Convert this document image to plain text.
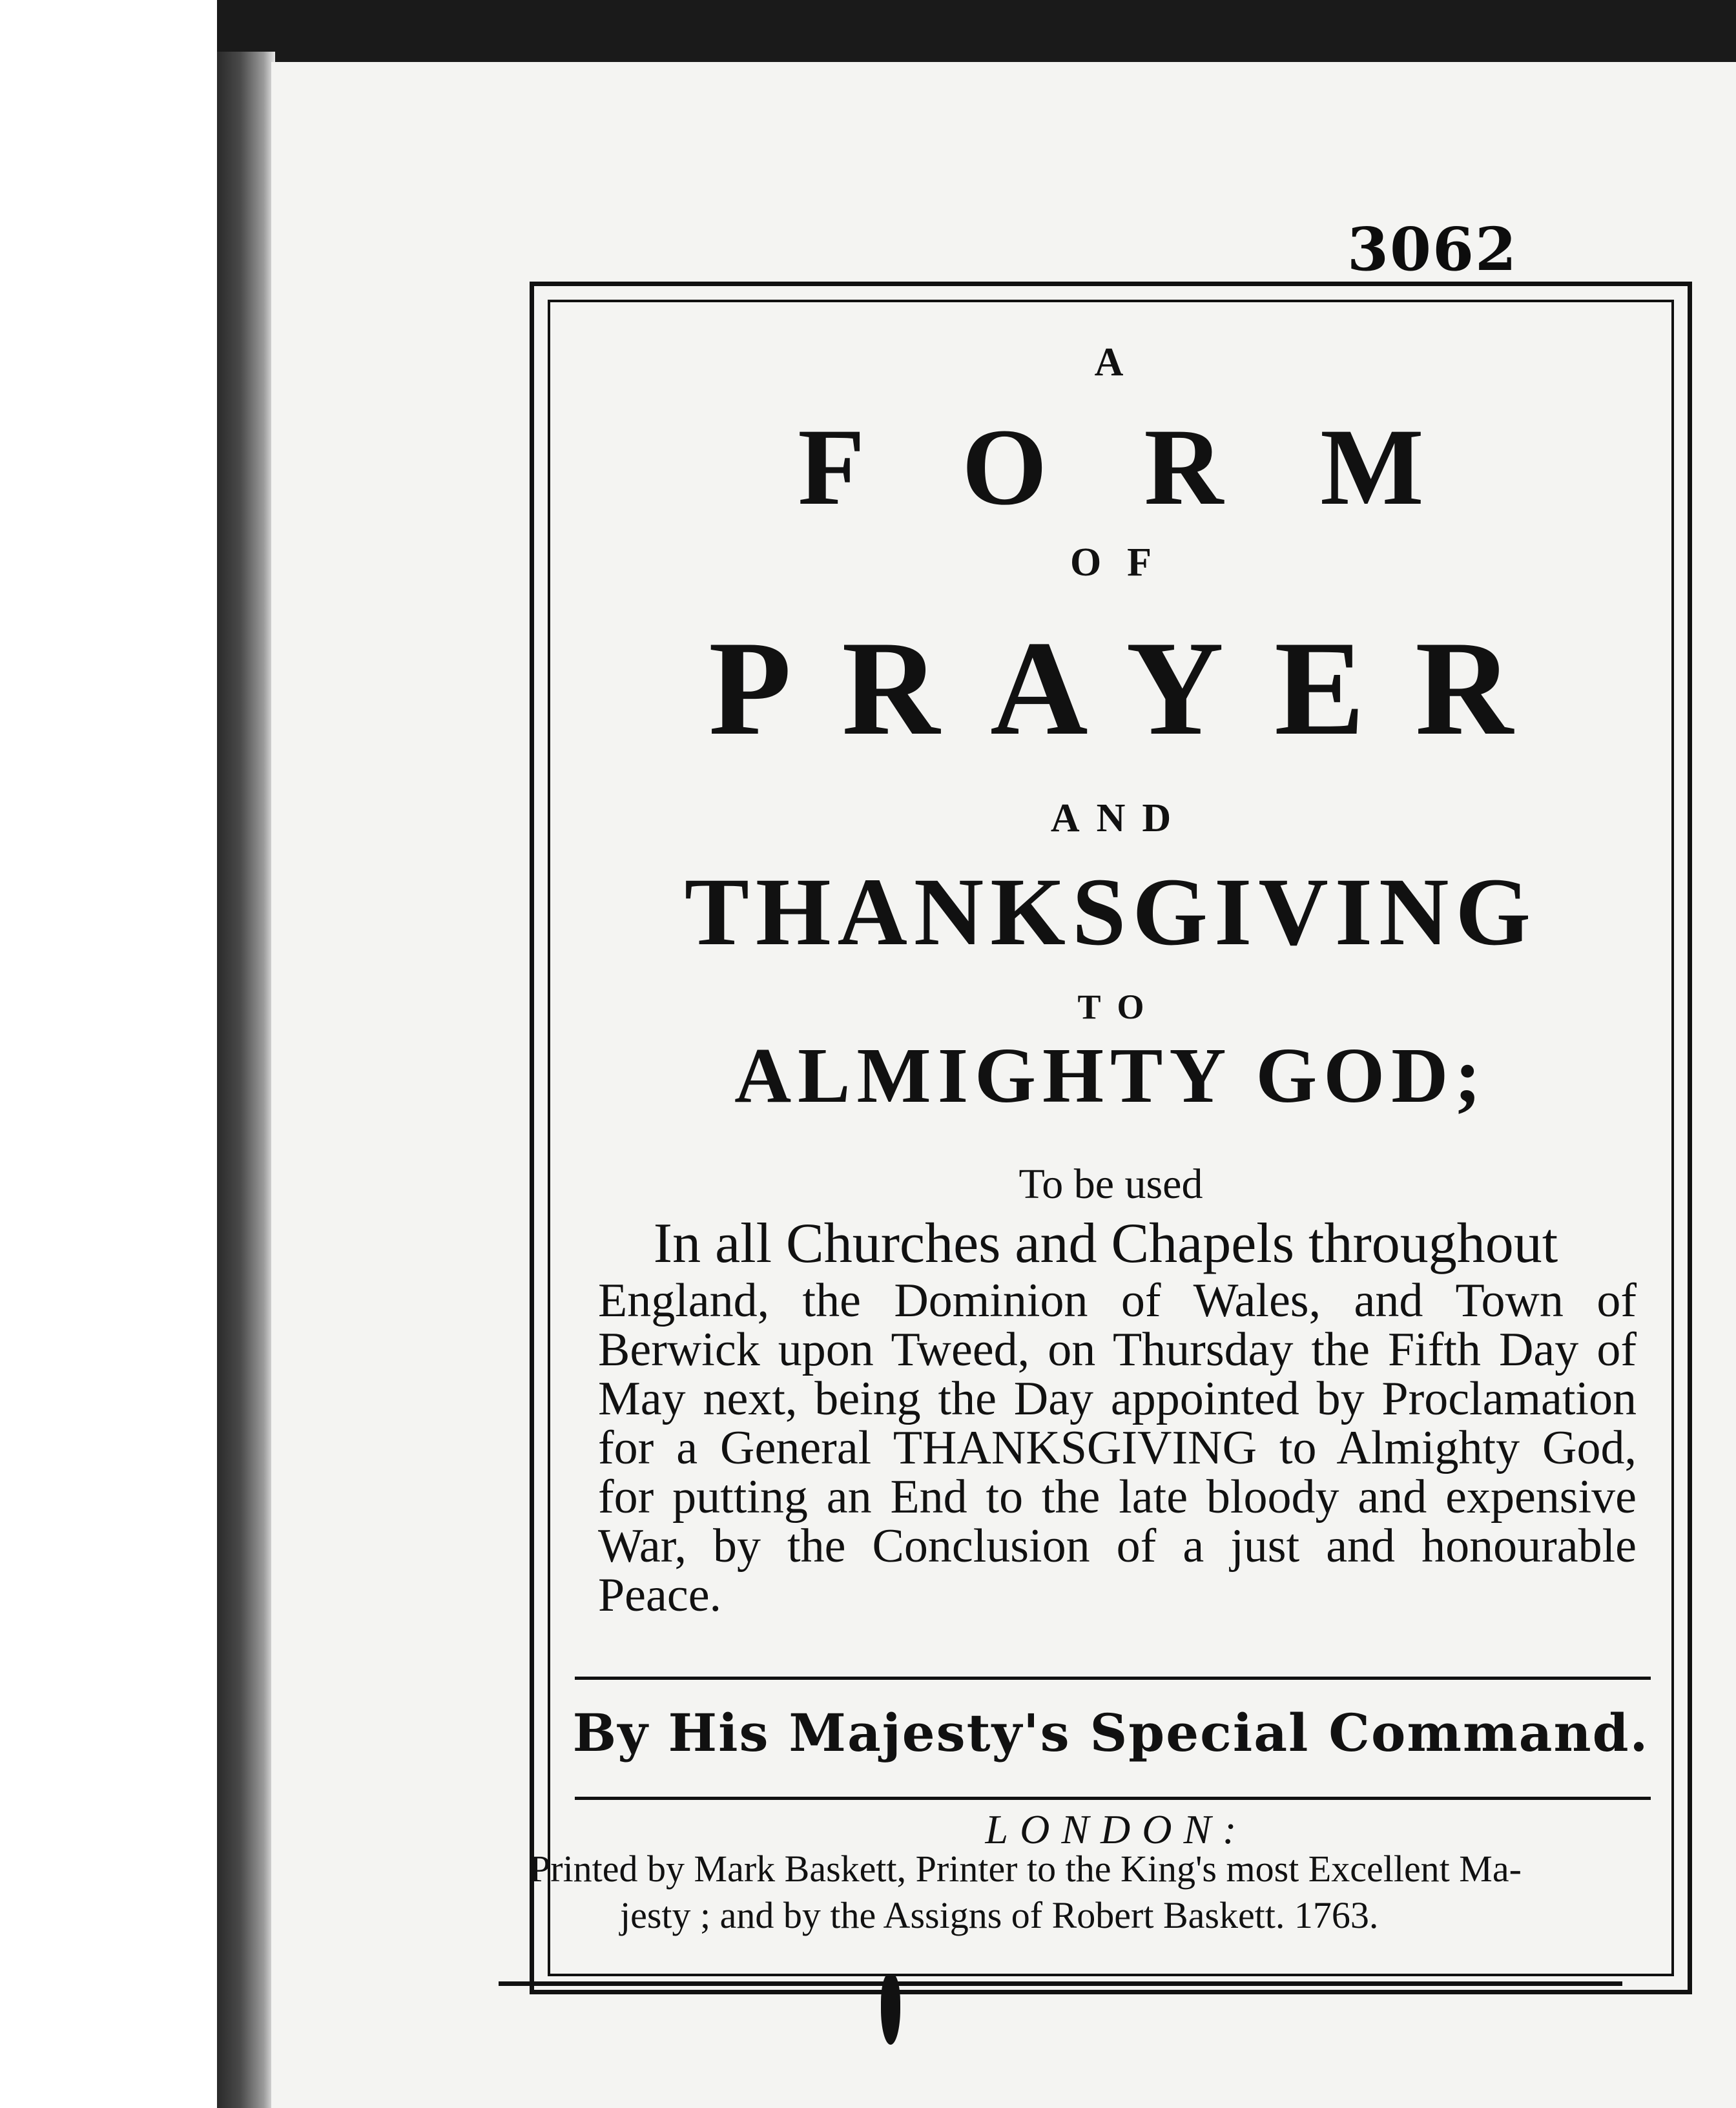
3062
A
FORM
OF
PRAYER
AND
THANKSGIVING
TO
ALMIGHTY GOD;
To be used
In all Churches and Chapels throughout
England, the Dominion of Wales, and Town of Berwick upon Tweed, on Thursday the Fifth Day of May next, being the Day appointed by Proclamation for a General THANKSGIVING to Almighty God, for putting an End to the late bloody and expensive War, by the Conclusion of a just and honourable Peace.
By His Majesty's Special Command.
LONDON:
Printed by Mark Baskett, Printer to the King's most Excellent Ma-
jesty ; and by the Assigns of Robert Baskett. 1763.
